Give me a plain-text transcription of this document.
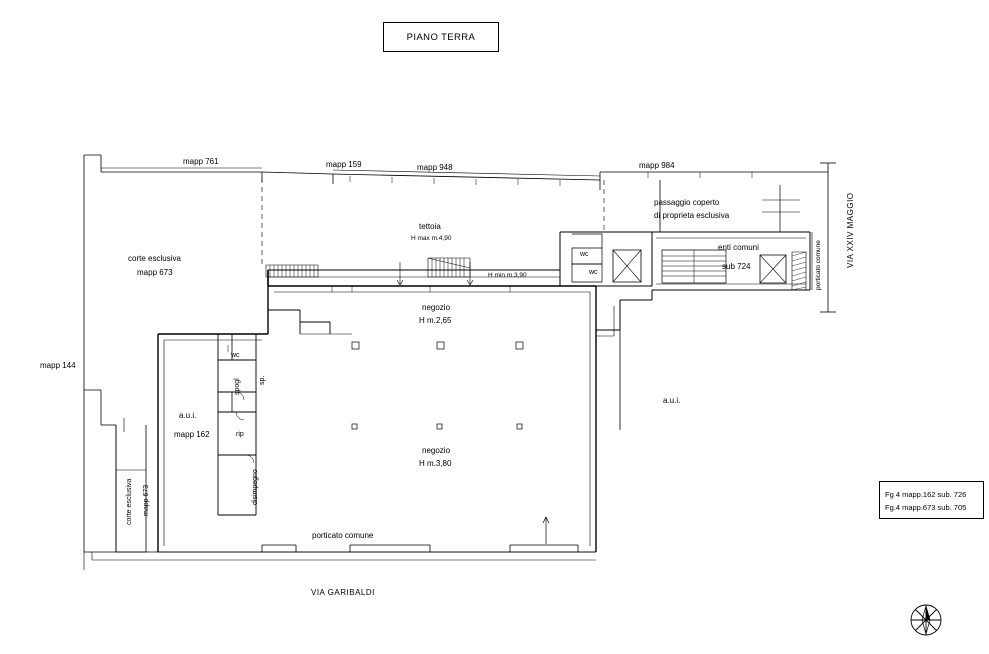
PIANO TERRA
mapp 761	mapp 159	mapp 948	mapp 984
mapp 144
corte esclusiva
mapp 673
tettoia
H max m.4,90
H min m.3,90
negozio
H m.2,65
negozio
H m.3,80
passaggio coperto
di proprieta esclusiva
enti comuni
sub 724
wc
wc
wc
sp.
spogl
rip
disimpegno
a.u.i.
mapp 162
a.u.i.
porticato comune
corte esclusiva mapp 673
porticato comune
VIA GARIBALDI
VIA XXIV MAGGIO
Fg 4 mapp.162 sub. 726
Fg.4 mapp.673 sub. 705
